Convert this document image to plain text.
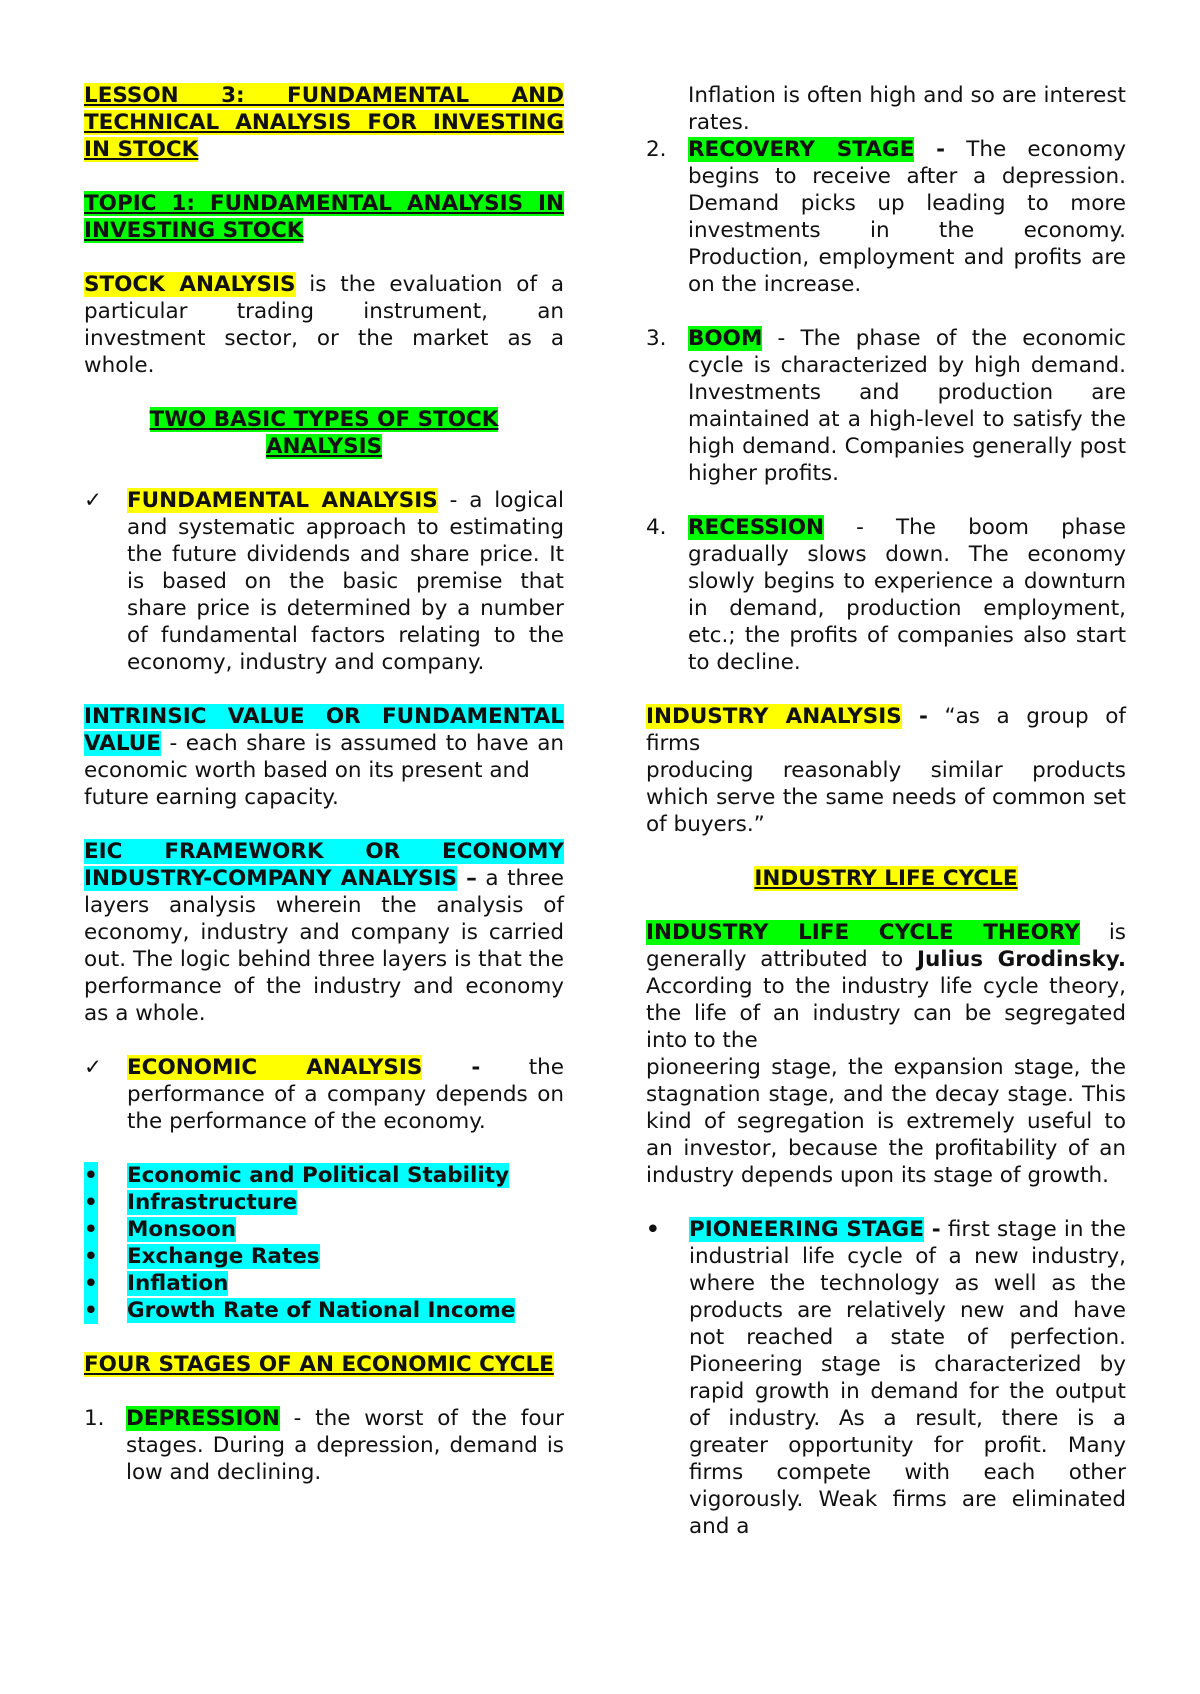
LESSON 3: FUNDAMENTAL AND TECHNICAL ANALYSIS FOR INVESTING IN STOCK

TOPIC 1: FUNDAMENTAL ANALYSIS IN INVESTING STOCK

STOCK ANALYSIS is the evaluation of a particular trading instrument, an investment sector, or the market as a whole.

TWO BASIC TYPES OF STOCK ANALYSIS

✓ FUNDAMENTAL ANALYSIS - a logical and systematic approach to estimating the future dividends and share price. It is based on the basic premise that share price is determined by a number of fundamental factors relating to the economy, industry and company.

INTRINSIC VALUE OR FUNDAMENTAL VALUE - each share is assumed to have an economic worth based on its present and

future earning capacity.

EIC FRAMEWORK OR ECONOMY INDUSTRY-COMPANY ANALYSIS – a three layers analysis wherein the analysis of economy, industry and company is carried out. The logic behind three layers is that the performance of the industry and economy as a whole.

✓ ECONOMIC ANALYSIS - the performance of a company depends on the performance of the economy.
• Economic and Political Stability
• Infrastructure
• Monsoon
• Exchange Rates
• Inflation
• Growth Rate of National Income

FOUR STAGES OF AN ECONOMIC CYCLE

1. DEPRESSION - the worst of the four stages. During a depression, demand is low and declining.
Inflation is often high and so are interest rates.
2. RECOVERY STAGE - The economy begins to receive after a depression. Demand picks up leading to more investments in the economy. Production, employment and profits are on the increase.
3. BOOM - The phase of the economic cycle is characterized by high demand. Investments and production are maintained at a high-level to satisfy the high demand. Companies generally post higher profits.
4. RECESSION - The boom phase gradually slows down. The economy slowly begins to experience a downturn in demand, production employment, etc.; the profits of companies also start to decline.

INDUSTRY ANALYSIS - “as a group of firms

producing reasonably similar products which serve the same needs of common set of buyers.”

INDUSTRY LIFE CYCLE

INDUSTRY LIFE CYCLE THEORY is generally attributed to Julius Grodinsky. According to the industry life cycle theory, the life of an industry can be segregated into to the

pioneering stage, the expansion stage, the stagnation stage, and the decay stage. This kind of segregation is extremely useful to an investor, because the profitability of an industry depends upon its stage of growth.

• PIONEERING STAGE - first stage in the industrial life cycle of a new industry, where the technology as well as the products are relatively new and have not reached a state of perfection. Pioneering stage is characterized by rapid growth in demand for the output of industry. As a result, there is a greater opportunity for profit. Many firms compete with each other vigorously. Weak firms are eliminated and a
